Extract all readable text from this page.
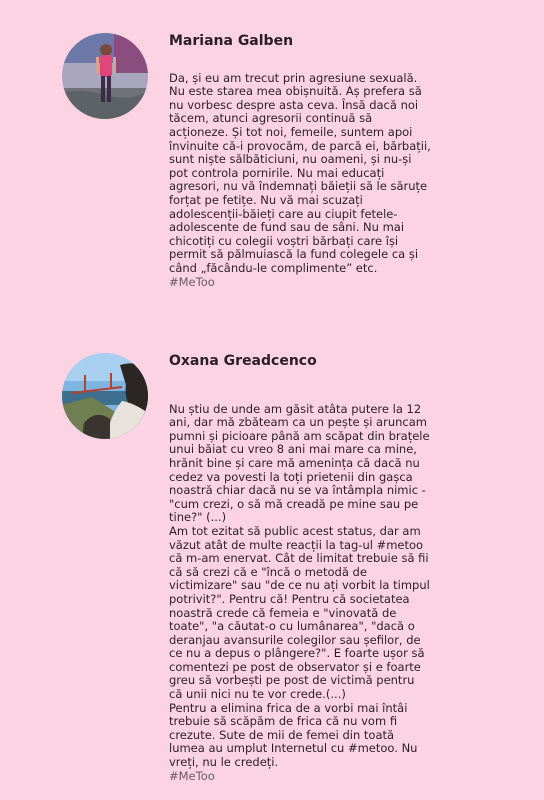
Mariana Galben

Da, și eu am trecut prin agresiune sexuală. Nu este starea mea obișnuită. Aș prefera să nu vorbesc despre asta ceva. Însă dacă noi tăcem, atunci agresorii continuă să acționeze. Și tot noi, femeile, suntem apoi învinuite că-i provocăm, de parcă ei, bărbații, sunt niște sălbăticiuni, nu oameni, și nu-și pot controla pornirile. Nu mai educați agresori, nu vă îndemnați băieții să le săruțe forțat pe fetițe. Nu vă mai scuzați adolescenții-băieți care au ciupit fetele-adolescente de fund sau de sâni. Nu mai chicotiți cu colegii voștri bărbați care își permit să pălmuiască la fund colegele ca și când „făcându-le complimente” etc.

#MeToo

Oxana Greadcenco

Nu știu de unde am găsit atâta putere la 12 ani, dar mă zbăteam ca un pește și aruncam pumni și picioare până am scăpat din brațele unui băiat cu vreo 8 ani mai mare ca mine, hrănit bine și care mă amenința că dacă nu cedez va povesti la toți prietenii din gașca noastră chiar dacă nu se va întâmpla nimic - "cum crezi, o să mă creadă pe mine sau pe tine?" (...)
Am tot ezitat să public acest status, dar am văzut atât de multe reacții la tag-ul #metoo că m-am enervat. Cât de limitat trebuie să fii că să crezi că e "încă o metodă de victimizare" sau "de ce nu ați vorbit la timpul potrivit?". Pentru că! Pentru că societatea noastră crede că femeia e "vinovată de toate", "a căutat-o cu lumânarea", "dacă o deranjau avansurile colegilor sau șefilor, de ce nu a depus o plângere?". E foarte ușor să comentezi pe post de observator și e foarte greu să vorbești pe post de victimă pentru că unii nici nu te vor crede.(...)
Pentru a elimina frica de a vorbi mai întâi trebuie să scăpăm de frica că nu vom fi crezute. Sute de mii de femei din toată lumea au umplut Internetul cu #metoo. Nu vreți, nu le credeți.

#MeToo
